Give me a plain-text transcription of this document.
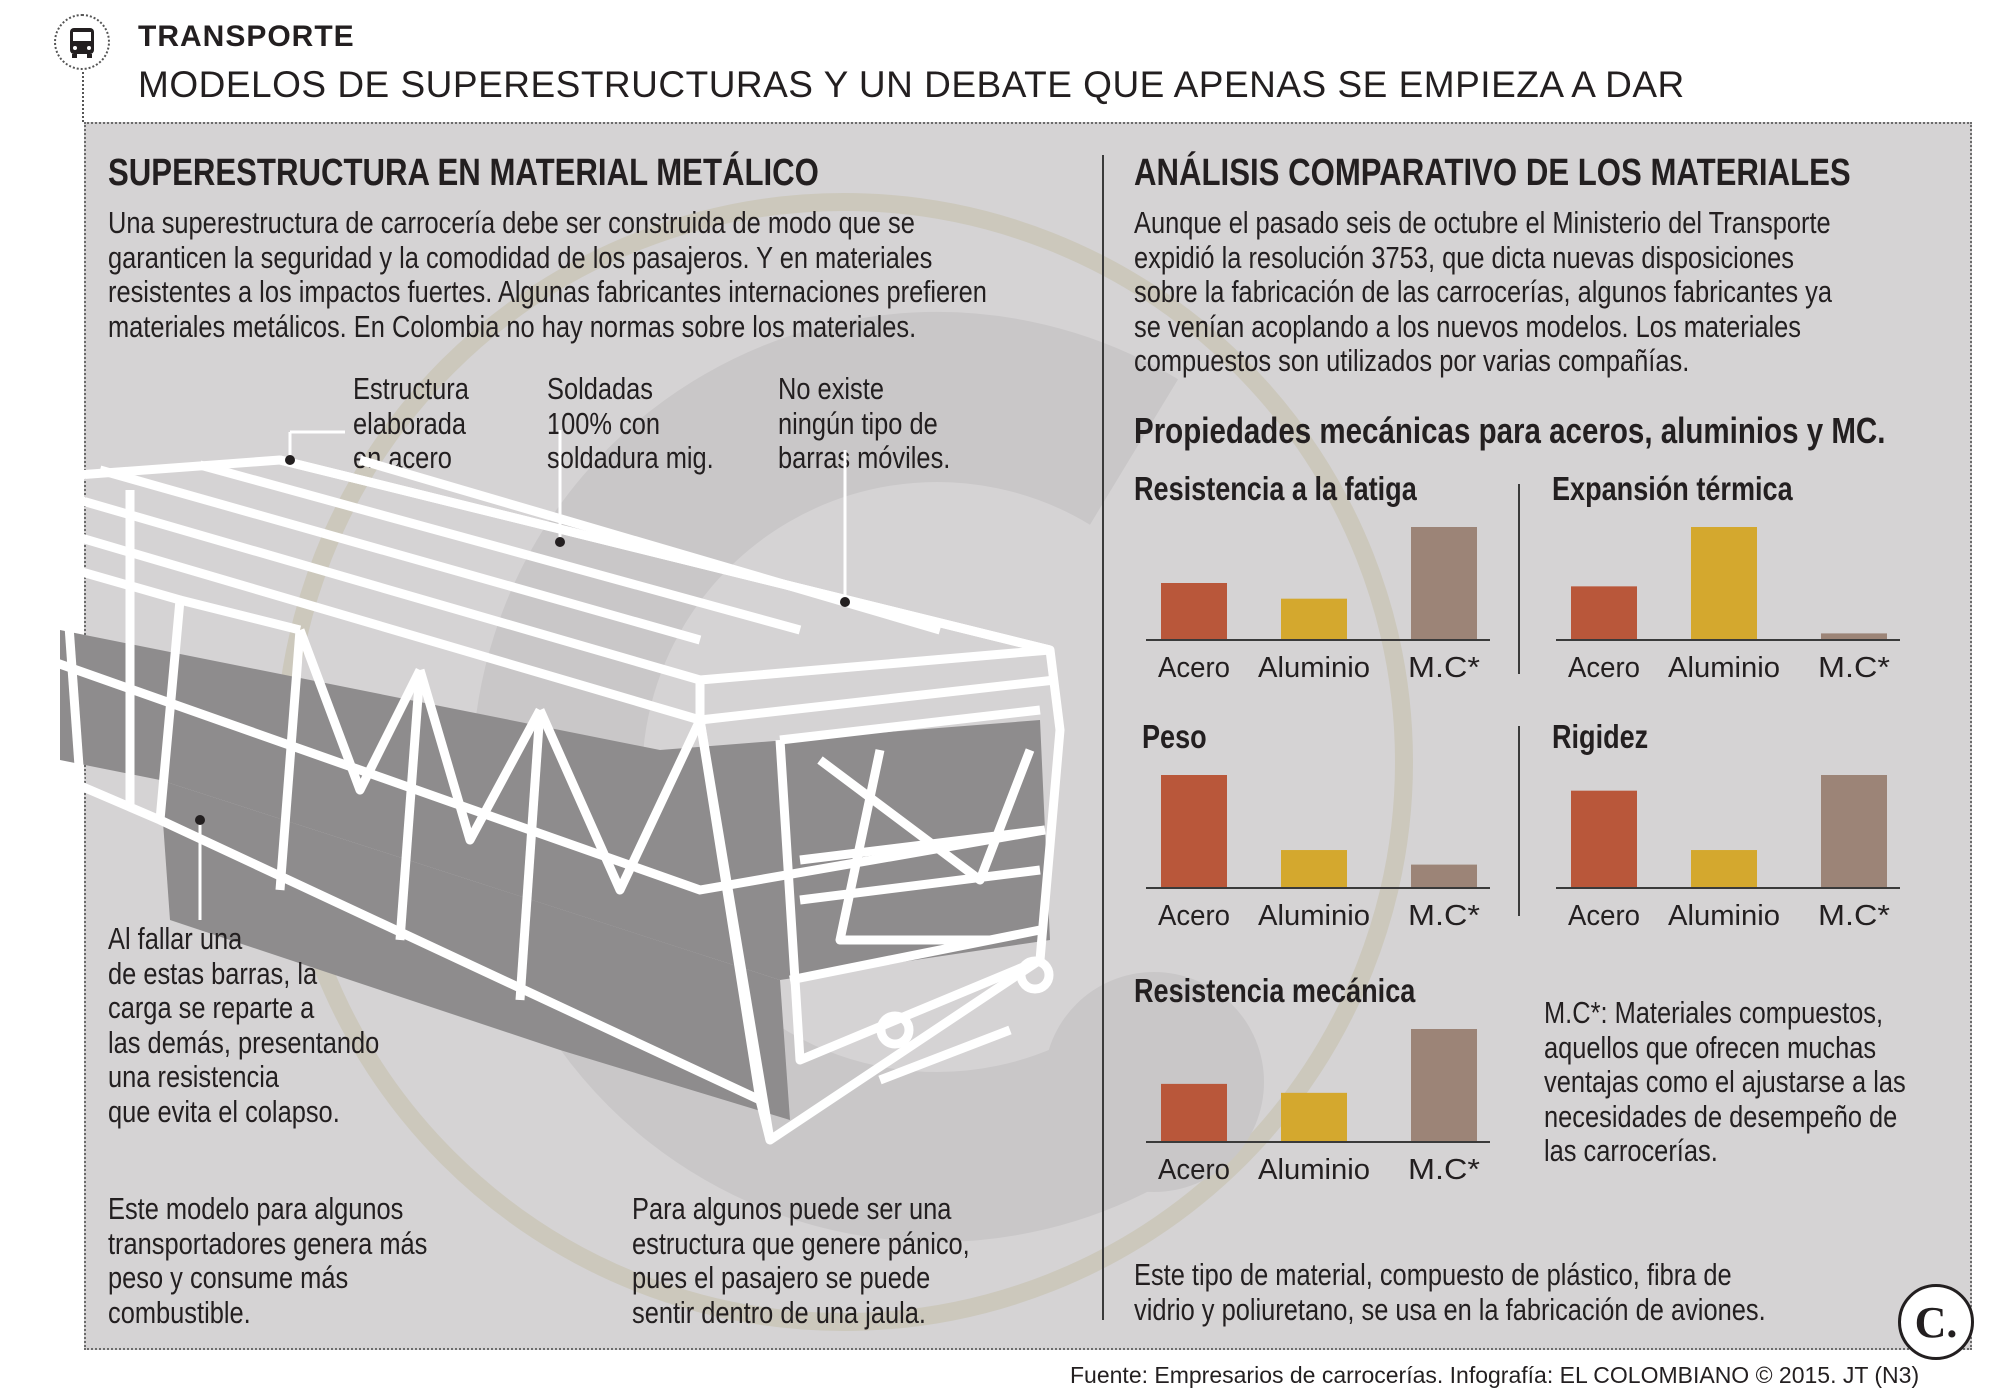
TRANSPORTE
MODELOS DE SUPERESTRUCTURAS Y UN DEBATE QUE APENAS SE EMPIEZA A DAR
SUPERESTRUCTURA EN MATERIAL METÁLICO
Una superestructura de carrocería debe ser construida de modo que se
garanticen la seguridad y la comodidad de los pasajeros. Y en materiales
resistentes a los impactos fuertes. Algunas fabricantes internaciones prefieren
materiales metálicos. En Colombia no hay normas sobre los materiales.
Estructura
elaborada
en acero
Soldadas
100% con
soldadura mig.
No existe
ningún tipo de
barras móviles.
Al fallar una
de estas barras, la
carga se reparte a
las demás, presentando
una resistencia
que evita el colapso.
Este modelo para algunos
transportadores genera más
peso y consume más
combustible.
Para algunos puede ser una
estructura que genere pánico,
pues el pasajero se puede
sentir dentro de una jaula.
ANÁLISIS COMPARATIVO DE LOS MATERIALES
Aunque el pasado seis de octubre el Ministerio del Transporte
expidió la resolución 3753, que dicta nuevas disposiciones
sobre la fabricación de las carrocerías, algunos fabricantes ya
se venían acoplando a los nuevos modelos. Los materiales
compuestos son utilizados por varias compañías.
Propiedades mecánicas para aceros, aluminios y MC.
Resistencia a la fatiga
Acero Aluminio M.C*
Expansión térmica
Acero Aluminio M.C*
Peso
Acero Aluminio M.C*
Rigidez
Acero Aluminio M.C*
Resistencia mecánica
Acero Aluminio M.C*
M.C*: Materiales compuestos,
aquellos que ofrecen muchas
ventajas como el ajustarse a las
necesidades de desempeño de
las carrocerías.
Este tipo de material, compuesto de plástico, fibra de
vidrio y poliuretano, se usa en la fabricación de aviones.	C.
Fuente: Empresarios de carrocerías. Infografía: EL COLOMBIANO © 2015. JT (N3)
